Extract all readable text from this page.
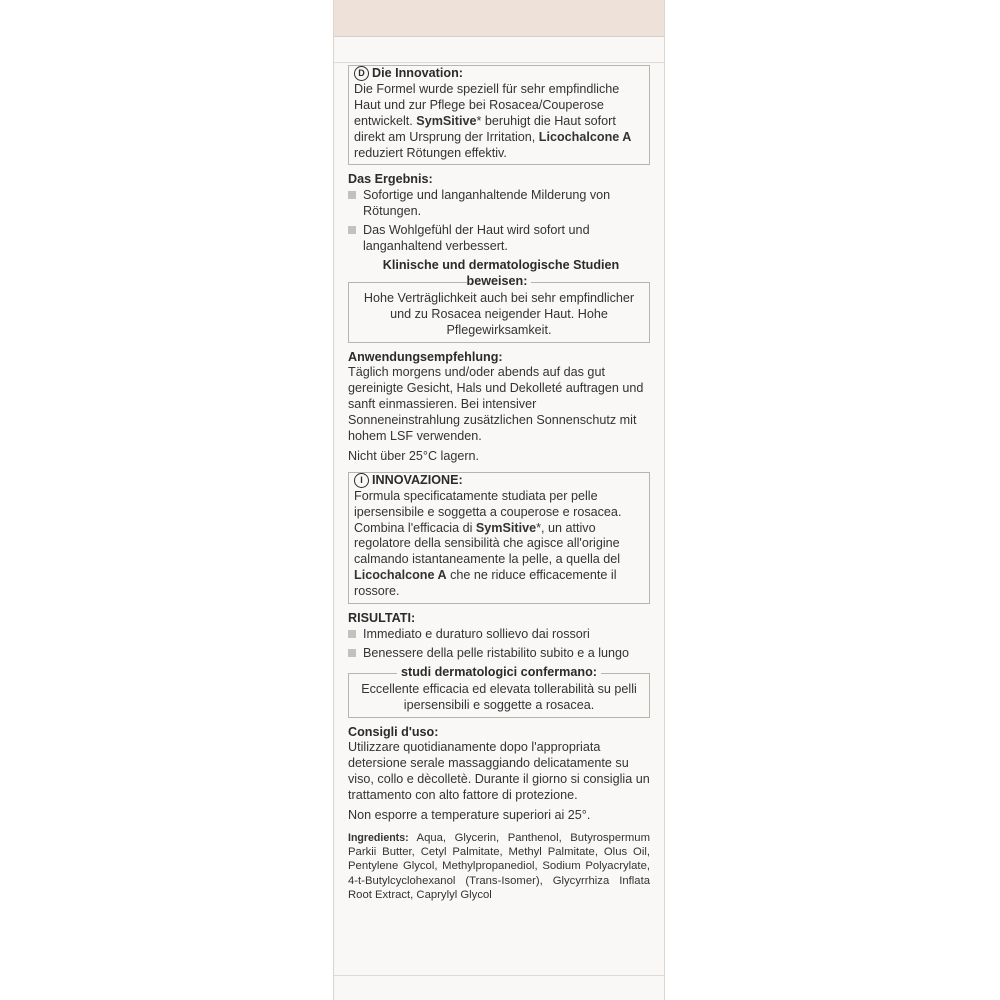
D Die Innovation:

Die Formel wurde speziell für sehr empfindliche Haut und zur Pflege bei Rosacea/Couperose entwickelt. SymSitive* beruhigt die Haut sofort direkt am Ursprung der Irritation, Licochalcone A reduziert Rötungen effektiv.

Das Ergebnis:
Sofortige und langanhaltende Milderung von Rötungen.
Das Wohlgefühl der Haut wird sofort und langanhaltend verbessert.
Klinische und dermatologische Studien beweisen:
Hohe Verträglichkeit auch bei sehr empfindlicher und zu Rosacea neigender Haut. Hohe Pflegewirksamkeit.
Anwendungsempfehlung:

Täglich morgens und/oder abends auf das gut gereinigte Gesicht, Hals und Dekolleté auftragen und sanft einmassieren. Bei intensiver Sonneneinstrahlung zusätzlichen Sonnenschutz mit hohem LSF verwenden.

Nicht über 25°C lagern.

I INNOVAZIONE:

Formula specificatamente studiata per pelle ipersensibile e soggetta a couperose e rosacea. Combina l'efficacia di SymSitive*, un attivo regolatore della sensibilità che agisce all'origine calmando istantaneamente la pelle, a quella del Licochalcone A che ne riduce efficacemente il rossore.

RISULTATI:
Immediato e duraturo sollievo dai rossori
Benessere della pelle ristabilito subito e a lungo
studi dermatologici confermano:
Eccellente efficacia ed elevata tollerabilità su pelli ipersensibili e soggette a rosacea.
Consigli d'uso:

Utilizzare quotidianamente dopo l'appropriata detersione serale massaggiando delicatamente su viso, collo e dècolletè. Durante il giorno si consiglia un trattamento con alto fattore di protezione.

Non esporre a temperature superiori ai 25°.

Ingredients: Aqua, Glycerin, Panthenol, Butyrospermum Parkii Butter, Cetyl Palmitate, Methyl Palmitate, Olus Oil, Pentylene Glycol, Methylpropanediol, Sodium Polyacrylate, 4-t-Butylcyclohexanol (Trans-Isomer), Glycyrrhiza Inflata Root Extract, Caprylyl Glycol
